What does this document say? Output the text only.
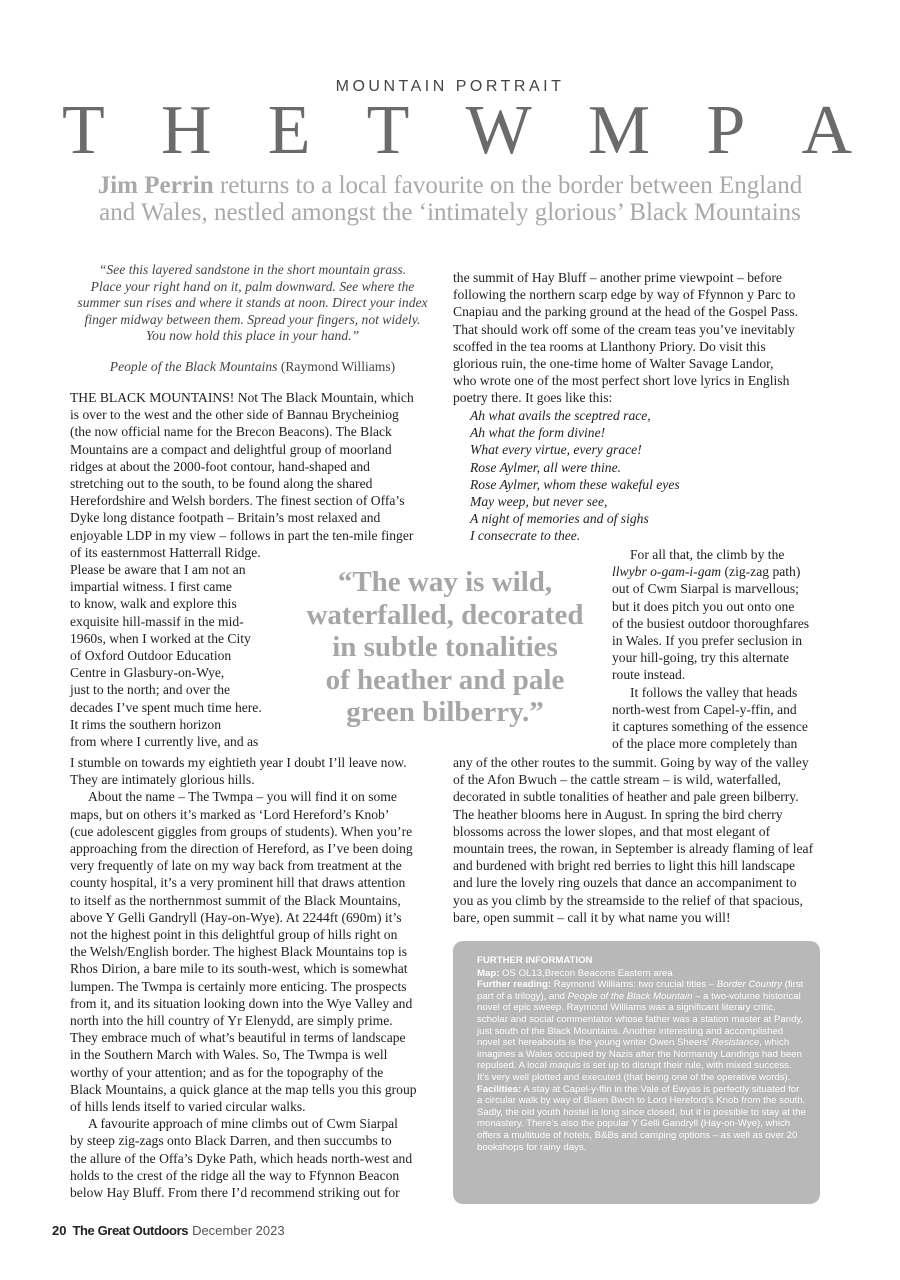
MOUNTAIN PORTRAIT
T H E T W M P A
Jim Perrin returns to a local favourite on the border between England
and Wales, nestled amongst the ‘intimately glorious’ Black Mountains

“See this layered sandstone in the short mountain grass.
Place your right hand on it, palm downward. See where the
summer sun rises and where it stands at noon. Direct your index
finger midway between them. Spread your fingers, not widely.
You now hold this place in your hand.”

People of the Black Mountains (Raymond Williams)

THE BLACK MOUNTAINS! Not The Black Mountain, which
is over to the west and the other side of Bannau Brycheiniog
(the now official name for the Brecon Beacons). The Black
Mountains are a compact and delightful group of moorland
ridges at about the 2000-foot contour, hand-shaped and
stretching out to the south, to be found along the shared
Herefordshire and Welsh borders. The finest section of Offa’s
Dyke long distance footpath – Britain’s most relaxed and
enjoyable LDP in my view – follows in part the ten-mile finger
of its easternmost Hatterrall Ridge.
Please be aware that I am not an
impartial witness. I first came
to know, walk and explore this
exquisite hill-massif in the mid-
1960s, when I worked at the City
of Oxford Outdoor Education
Centre in Glasbury-on-Wye,
just to the north; and over the
decades I’ve spent much time here.
It rims the southern horizon
from where I currently live, and as
I stumble on towards my eightieth year I doubt I’ll leave now.
They are intimately glorious hills.
About the name – The Twmpa – you will find it on some
maps, but on others it’s marked as ‘Lord Hereford’s Knob’
(cue adolescent giggles from groups of students). When you’re
approaching from the direction of Hereford, as I’ve been doing
very frequently of late on my way back from treatment at the
county hospital, it’s a very prominent hill that draws attention
to itself as the northernmost summit of the Black Mountains,
above Y Gelli Gandryll (Hay-on-Wye). At 2244ft (690m) it’s
not the highest point in this delightful group of hills right on
the Welsh/English border. The highest Black Mountains top is
Rhos Dirion, a bare mile to its south-west, which is somewhat
lumpen. The Twmpa is certainly more enticing. The prospects
from it, and its situation looking down into the Wye Valley and
north into the hill country of Yr Elenydd, are simply prime.
They embrace much of what’s beautiful in terms of landscape
in the Southern March with Wales. So, The Twmpa is well
worthy of your attention; and as for the topography of the
Black Mountains, a quick glance at the map tells you this group
of hills lends itself to varied circular walks.
A favourite approach of mine climbs out of Cwm Siarpal
by steep zig-zags onto Black Darren, and then succumbs to
the allure of the Offa’s Dyke Path, which heads north-west and
holds to the crest of the ridge all the way to Ffynnon Beacon
below Hay Bluff. From there I’d recommend striking out for
the summit of Hay Bluff – another prime viewpoint – before
following the northern scarp edge by way of Ffynnon y Parc to
Cnapiau and the parking ground at the head of the Gospel Pass.
That should work off some of the cream teas you’ve inevitably
scoffed in the tea rooms at Llanthony Priory. Do visit this
glorious ruin, the one-time home of Walter Savage Landor,
who wrote one of the most perfect short love lyrics in English
poetry there. It goes like this:
Ah what avails the sceptred race,
Ah what the form divine!
What every virtue, every grace!
Rose Aylmer, all were thine.
Rose Aylmer, whom these wakeful eyes
May weep, but never see,
A night of memories and of sighs
I consecrate to thee.
For all that, the climb by the
llwybr o-gam-i-gam (zig-zag path)
out of Cwm Siarpal is marvellous;
but it does pitch you out onto one
of the busiest outdoor thoroughfares
in Wales. If you prefer seclusion in
your hill-going, try this alternate
route instead.
It follows the valley that heads
north-west from Capel-y-ffin, and
it captures something of the essence
of the place more completely than
any of the other routes to the summit. Going by way of the valley
of the Afon Bwuch – the cattle stream – is wild, waterfalled,
decorated in subtle tonalities of heather and pale green bilberry.
The heather blooms here in August. In spring the bird cherry
blossoms across the lower slopes, and that most elegant of
mountain trees, the rowan, in September is already flaming of leaf
and burdened with bright red berries to light this hill landscape
and lure the lovely ring ouzels that dance an accompaniment to
you as you climb by the streamside to the relief of that spacious,
bare, open summit – call it by what name you will!
“The way is wild,
waterfalled, decorated
in subtle tonalities
of heather and pale
green bilberry.”
FURTHER INFORMATION

Map: OS OL13,Brecon Beacons Eastern area

Further reading: Raymond Williams: two crucial titles – Border Country (first part of a trilogy), and People of the Black Mountain – a two-volume historical novel of epic sweep. Raymond Williams was a significant literary critic, scholar and social commentator whose father was a station master at Pandy, just south of the Black Mountains. Another interesting and accomplished novel set hereabouts is the young writer Owen Sheers’ Resistance, which imagines a Wales occupied by Nazis after the Normandy Landings had been repulsed. A local maquis is set up to disrupt their rule, with mixed success. It’s very well plotted and executed (that being one of the operative words).

Facilities: A stay at Capel-y-ffin in the Vale of Ewyas is perfectly situated for a circular walk by way of Blaen Bwch to Lord Hereford’s Knob from the south. Sadly, the old youth hostel is long since closed, but it is possible to stay at the monastery. There’s also the popular Y Gelli Gandryll (Hay-on-Wye), which offers a multitude of hotels, B&Bs and camping options – as well as over 20 bookshops for rainy days.

20 The Great Outdoors December 2023
